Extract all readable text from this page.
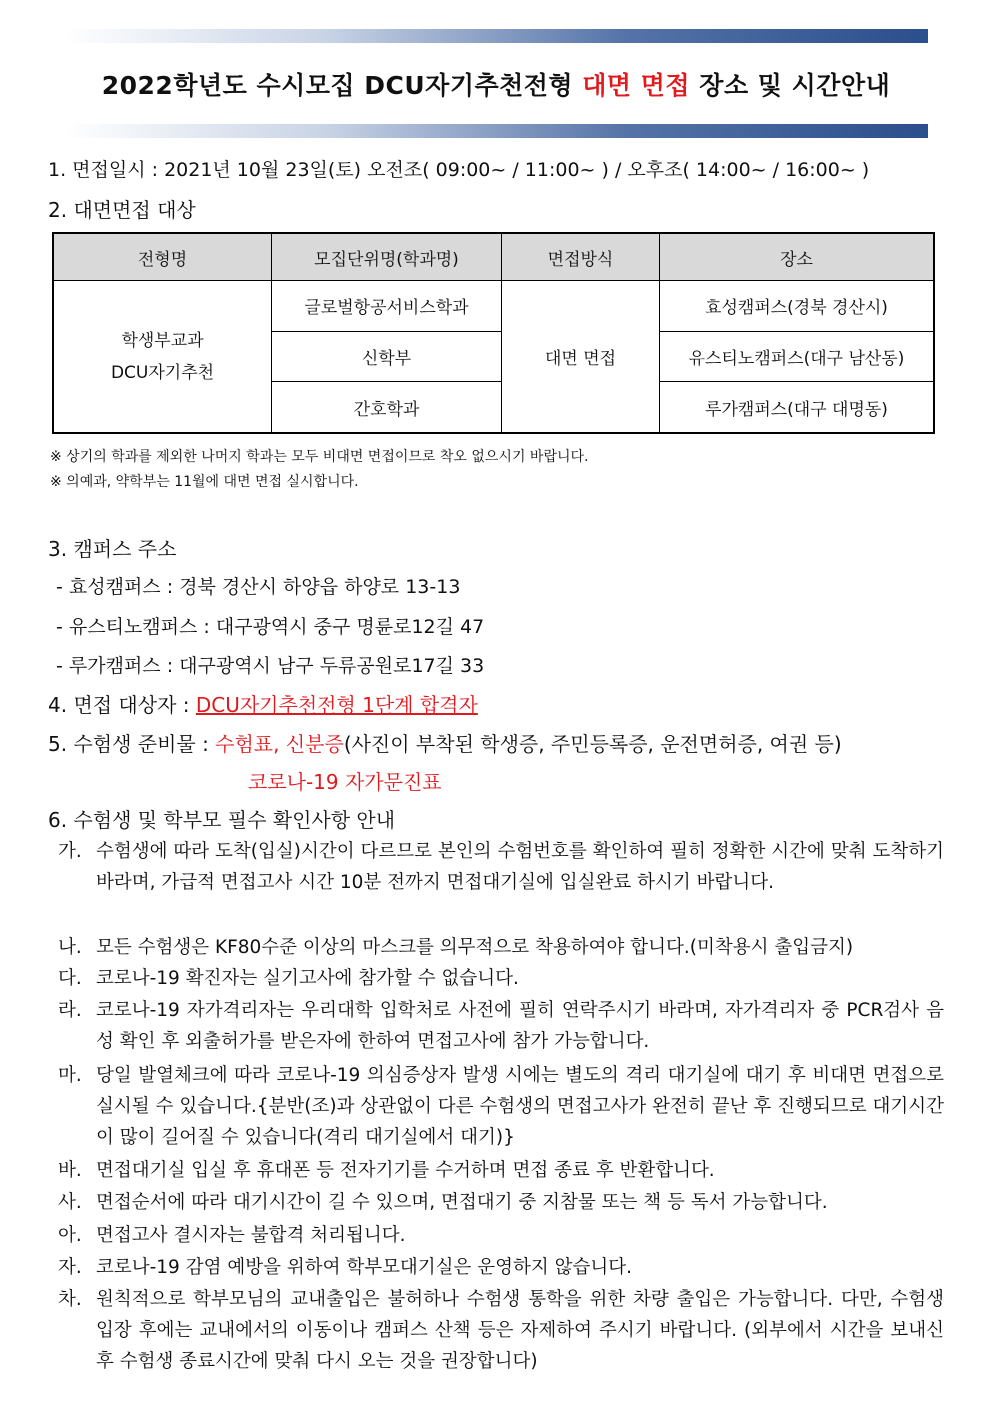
2022학년도 수시모집 DCU자기추천전형 대면 면접 장소 및 시간안내
1. 면접일시 : 2021년 10월 23일(토) 오전조( 09:00~ / 11:00~ ) / 오후조( 14:00~ / 16:00~ )
2. 대면면접 대상
전형명	모집단위명(학과명)	면접방식	장소
학생부교과
DCU자기추천	글로벌항공서비스학과	대면 면접	효성캠퍼스(경북 경산시)
	신학부		유스티노캠퍼스(대구 남산동)
	간호학과		루가캠퍼스(대구 대명동)
※ 상기의 학과를 제외한 나머지 학과는 모두 비대면 면접이므로 착오 없으시기 바랍니다.
※ 의예과, 약학부는 11월에 대면 면접 실시합니다.
3. 캠퍼스 주소
- 효성캠퍼스 : 경북 경산시 하양읍 하양로 13-13
- 유스티노캠퍼스 : 대구광역시 중구 명륜로12길 47
- 루가캠퍼스 : 대구광역시 남구 두류공원로17길 33
4. 면접 대상자 : DCU자기추천전형 1단계 합격자
5. 수험생 준비물 : 수험표, 신분증(사진이 부착된 학생증, 주민등록증, 운전면허증, 여권 등)
코로나-19 자가문진표
6. 수험생 및 학부모 필수 확인사항 안내
가. 수험생에 따라 도착(입실)시간이 다르므로 본인의 수험번호를 확인하여 필히 정확한 시간에 맞춰 도착하기 바라며, 가급적 면접고사 시간 10분 전까지 면접대기실에 입실완료 하시기 바랍니다.
나. 모든 수험생은 KF80수준 이상의 마스크를 의무적으로 착용하여야 합니다.(미착용시 출입금지)
다. 코로나-19 확진자는 실기고사에 참가할 수 없습니다.
라. 코로나-19 자가격리자는 우리대학 입학처로 사전에 필히 연락주시기 바라며, 자가격리자 중 PCR검사 음성 확인 후 외출허가를 받은자에 한하여 면접고사에 참가 가능합니다.
마. 당일 발열체크에 따라 코로나-19 의심증상자 발생 시에는 별도의 격리 대기실에 대기 후 비대면 면접으로 실시될 수 있습니다.{분반(조)과 상관없이 다른 수험생의 면접고사가 완전히 끝난 후 진행되므로 대기시간이 많이 길어질 수 있습니다(격리 대기실에서 대기)}
바. 면접대기실 입실 후 휴대폰 등 전자기기를 수거하며 면접 종료 후 반환합니다.
사. 면접순서에 따라 대기시간이 길 수 있으며, 면접대기 중 지참물 또는 책 등 독서 가능합니다.
아. 면접고사 결시자는 불합격 처리됩니다.
자. 코로나-19 감염 예방을 위하여 학부모대기실은 운영하지 않습니다.
차. 원칙적으로 학부모님의 교내출입은 불허하나 수험생 통학을 위한 차량 출입은 가능합니다. 다만, 수험생 입장 후에는 교내에서의 이동이나 캠퍼스 산책 등은 자제하여 주시기 바랍니다. (외부에서 시간을 보내신 후 수험생 종료시간에 맞춰 다시 오는 것을 권장합니다)
